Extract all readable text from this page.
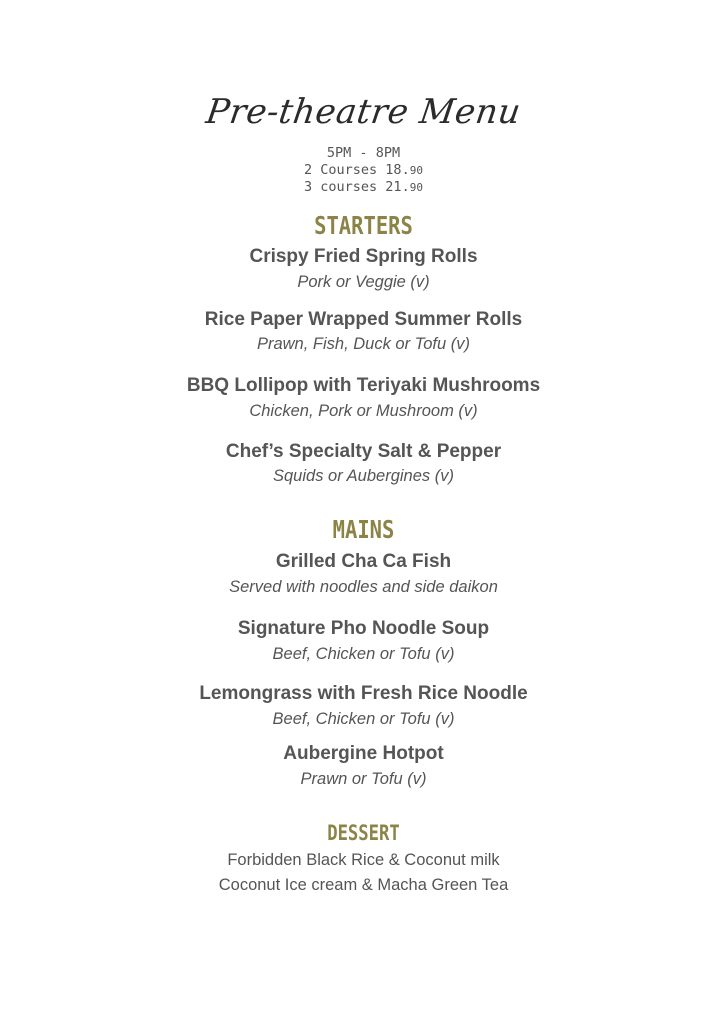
Pre-theatre Menu
5PM - 8PM
2 Courses 18.90
3 courses 21.90
STARTERS
Crispy Fried Spring Rolls
Pork or Veggie (v)
Rice Paper Wrapped Summer Rolls
Prawn, Fish, Duck or Tofu (v)
BBQ Lollipop with Teriyaki Mushrooms
Chicken, Pork or Mushroom (v)
Chef’s Specialty Salt & Pepper
Squids or Aubergines (v)
MAINS
Grilled Cha Ca Fish
Served with noodles and side daikon
Signature Pho Noodle Soup
Beef, Chicken or Tofu (v)
Lemongrass with Fresh Rice Noodle
Beef, Chicken or Tofu (v)
Aubergine Hotpot
Prawn or Tofu (v)
DESSERT
Forbidden Black Rice & Coconut milk
Coconut Ice cream & Macha Green Tea
